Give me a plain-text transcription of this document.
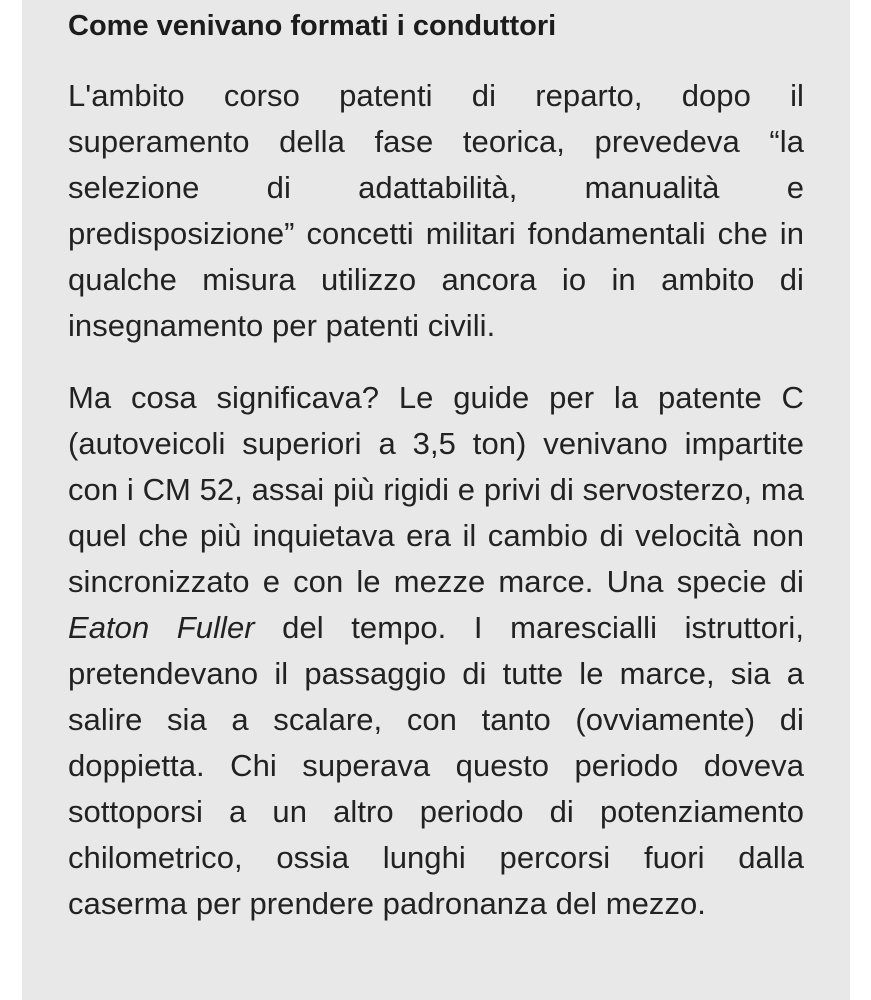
Come venivano formati i conduttori

L'ambito corso patenti di reparto, dopo il superamento della fase teorica, prevedeva “la selezione di adattabilità, manualità e predisposizione” concetti militari fondamentali che in qualche misura utilizzo ancora io in ambito di insegnamento per patenti civili.

Ma cosa significava? Le guide per la patente C (autoveicoli superiori a 3,5 ton) venivano impartite con i CM 52, assai più rigidi e privi di servosterzo, ma quel che più inquietava era il cambio di velocità non sincronizzato e con le mezze marce. Una specie di Eaton Fuller del tempo. I marescialli istruttori, pretendevano il passaggio di tutte le marce, sia a salire sia a scalare, con tanto (ovviamente) di doppietta. Chi superava questo periodo doveva sottoporsi a un altro periodo di potenziamento chilometrico, ossia lunghi percorsi fuori dalla caserma per prendere padronanza del mezzo.
